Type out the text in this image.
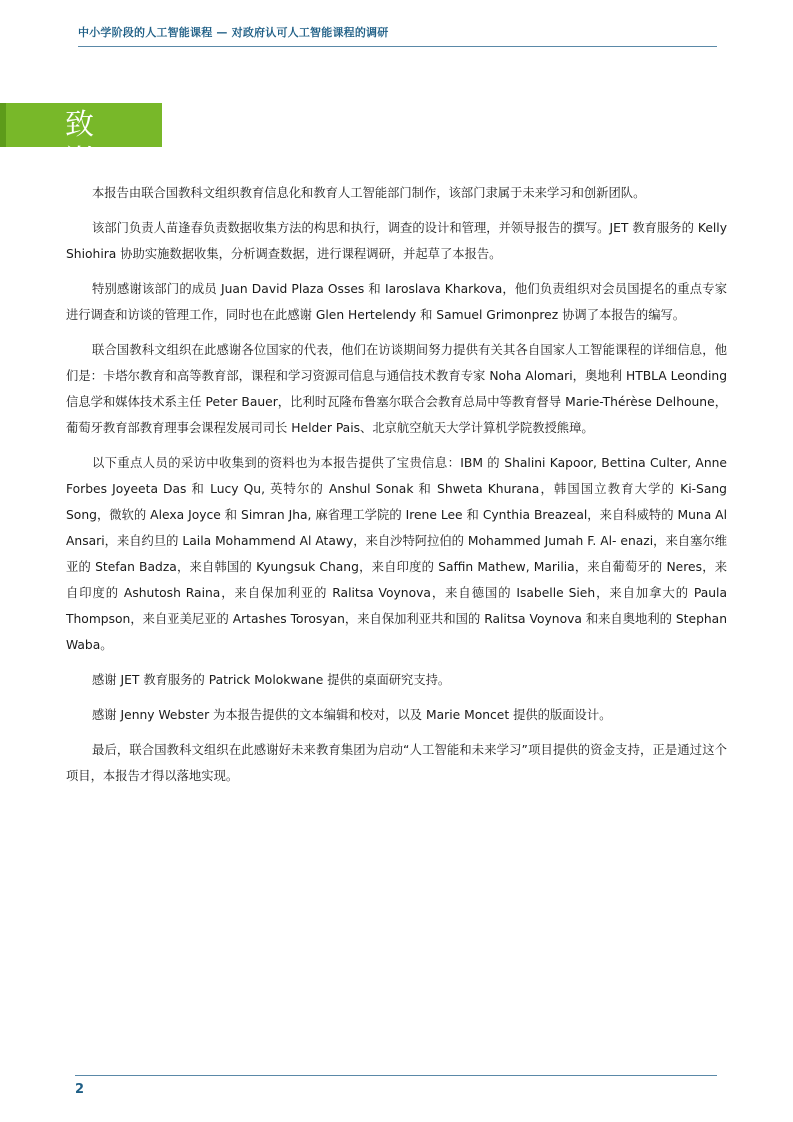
中小学阶段的人工智能课程 — 对政府认可人工智能课程的调研
致 谢

本报告由联合国教科文组织教育信息化和教育人工智能部门制作，该部门隶属于未来学习和创新团队。

该部门负责人苗逢春负责数据收集方法的构思和执行，调查的设计和管理，并领导报告的撰写。JET 教育服务的 Kelly Shiohira 协助实施数据收集，分析调查数据，进行课程调研，并起草了本报告。

特别感谢该部门的成员 Juan David Plaza Osses 和 Iaroslava Kharkova，他们负责组织对会员国提名的重点专家进行调查和访谈的管理工作，同时也在此感谢 Glen Hertelendy 和 Samuel Grimonprez 协调了本报告的编写。

联合国教科文组织在此感谢各位国家的代表，他们在访谈期间努力提供有关其各自国家人工智能课程的详细信息，他们是：卡塔尔教育和高等教育部，课程和学习资源司信息与通信技术教育专家 Noha Alomari，奥地利 HTBLA Leonding 信息学和媒体技术系主任 Peter Bauer，比利时瓦隆布鲁塞尔联合会教育总局中等教育督导 Marie-Thérèse Delhoune，葡萄牙教育部教育理事会课程发展司司长 Helder Pais、北京航空航天大学计算机学院教授熊璋。

以下重点人员的采访中收集到的资料也为本报告提供了宝贵信息：IBM 的 Shalini Kapoor, Bettina Culter, Anne Forbes Joyeeta Das 和 Lucy Qu, 英特尔的 Anshul Sonak 和 Shweta Khurana，韩国国立教育大学的 Ki-Sang Song，微软的 Alexa Joyce 和 Simran Jha, 麻省理工学院的 Irene Lee 和 Cynthia Breazeal，来自科威特的 Muna Al Ansari，来自约旦的 Laila Mohammend Al Atawy，来自沙特阿拉伯的 Mohammed Jumah F. Al- enazi，来自塞尔维亚的 Stefan Badza，来自韩国的 Kyungsuk Chang，来自印度的 Saffin Mathew, Marilia，来自葡萄牙的 Neres，来自印度的 Ashutosh Raina，来自保加利亚的 Ralitsa Voynova，来自德国的 Isabelle Sieh，来自加拿大的 Paula Thompson，来自亚美尼亚的 Artashes Torosyan，来自保加利亚共和国的 Ralitsa Voynova 和来自奥地利的 Stephan Waba。

感谢 JET 教育服务的 Patrick Molokwane 提供的桌面研究支持。

感谢 Jenny Webster 为本报告提供的文本编辑和校对，以及 Marie Moncet 提供的版面设计。

最后，联合国教科文组织在此感谢好未来教育集团为启动“人工智能和未来学习”项目提供的资金支持，正是通过这个项目，本报告才得以落地实现。

2
